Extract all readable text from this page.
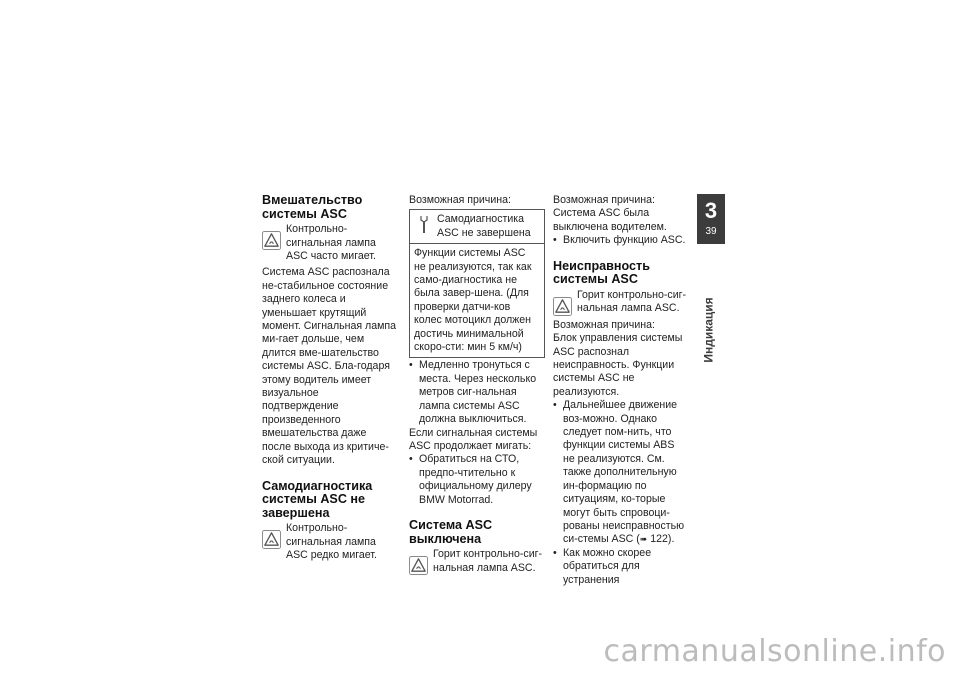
Вмешательство системы ASC
Контрольно-сигнальная лампа ASC часто мигает.

Система ASC распознала не-стабильное состояние заднего колеса и уменьшает крутящий момент. Сигнальная лампа ми-гает дольше, чем длится вме-шательство системы ASC. Бла-годаря этому водитель имеет визуальное подтверждение произведенного вмешательства даже после выхода из критиче-ской ситуации.

Самодиагностика системы ASC не завершена
Контрольно-сигнальная лампа ASC редко мигает.

Возможная причина:

Самодиагностика ASC не завершена
Функции системы ASC не реализуются, так как само-диагностика не была завер-шена. (Для проверки датчи-ков колес мотоцикл должен достичь минимальной скоро-сти: мин 5 км/ч)

• Медленно тронуться с места. Через несколько метров сиг-нальная лампа системы ASC должна выключиться.

Если сигнальная системы ASC продолжает мигать:

• Обратиться на СТО, предпо-чтительно к официальному дилеру BMW Motorrad.

Система ASC выключена
Горит контрольно-сиг-нальная лампа ASC.

Возможная причина:

Система ASC была выключена водителем.

• Включить функцию ASC.

Неисправность системы ASC
Горит контрольно-сиг-нальная лампа ASC.

Возможная причина:

Блок управления системы ASC распознал неисправность. Функции системы ASC не реализуются.

• Дальнейшее движение воз-можно. Однако следует пом-нить, что функции системы ABS не реализуются. См. также дополнительную ин-формацию по ситуациям, ко-торые могут быть спровоци-рованы неисправностью си-стемы ASC (➠ 122).

• Как можно скорее обратиться для устранения

3
39
Индикация
carmanualsonline.info
